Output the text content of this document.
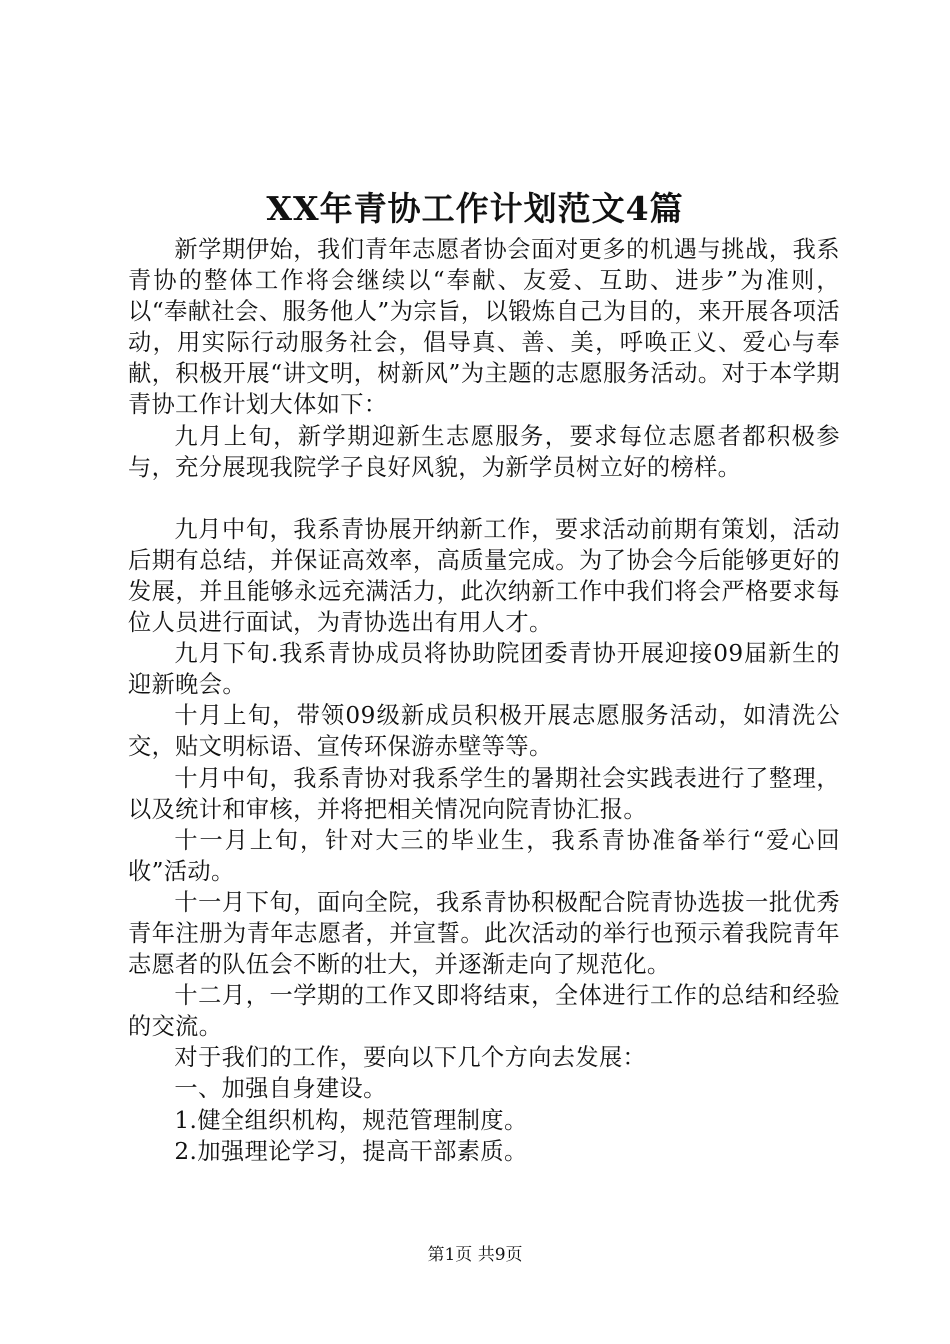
XX年青协工作计划范文4篇

新学期伊始，我们青年志愿者协会面对更多的机遇与挑战，我系青协的整体工作将会继续以“奉献、友爱、互助、进步”为准则，以“奉献社会、服务他人”为宗旨，以锻炼自己为目的，来开展各项活动，用实际行动服务社会，倡导真、善、美，呼唤正义、爱心与奉献，积极开展“讲文明，树新风”为主题的志愿服务活动。对于本学期青协工作计划大体如下：

九月上旬，新学期迎新生志愿服务，要求每位志愿者都积极参与，充分展现我院学子良好风貌，为新学员树立好的榜样。

九月中旬，我系青协展开纳新工作，要求活动前期有策划，活动后期有总结，并保证高效率，高质量完成。为了协会今后能够更好的发展，并且能够永远充满活力，此次纳新工作中我们将会严格要求每位人员进行面试，为青协选出有用人才。

九月下旬.我系青协成员将协助院团委青协开展迎接09届新生的迎新晚会。

十月上旬，带领09级新成员积极开展志愿服务活动，如清洗公交，贴文明标语、宣传环保游赤壁等等。

十月中旬，我系青协对我系学生的暑期社会实践表进行了整理，以及统计和审核，并将把相关情况向院青协汇报。

十一月上旬，针对大三的毕业生，我系青协准备举行“爱心回收”活动。

十一月下旬，面向全院，我系青协积极配合院青协选拔一批优秀青年注册为青年志愿者，并宣誓。此次活动的举行也预示着我院青年志愿者的队伍会不断的壮大，并逐渐走向了规范化。

十二月，一学期的工作又即将结束，全体进行工作的总结和经验的交流。

对于我们的工作，要向以下几个方向去发展：

一、加强自身建设。

1.健全组织机构，规范管理制度。

2.加强理论学习，提高干部素质。

第1页 共9页
